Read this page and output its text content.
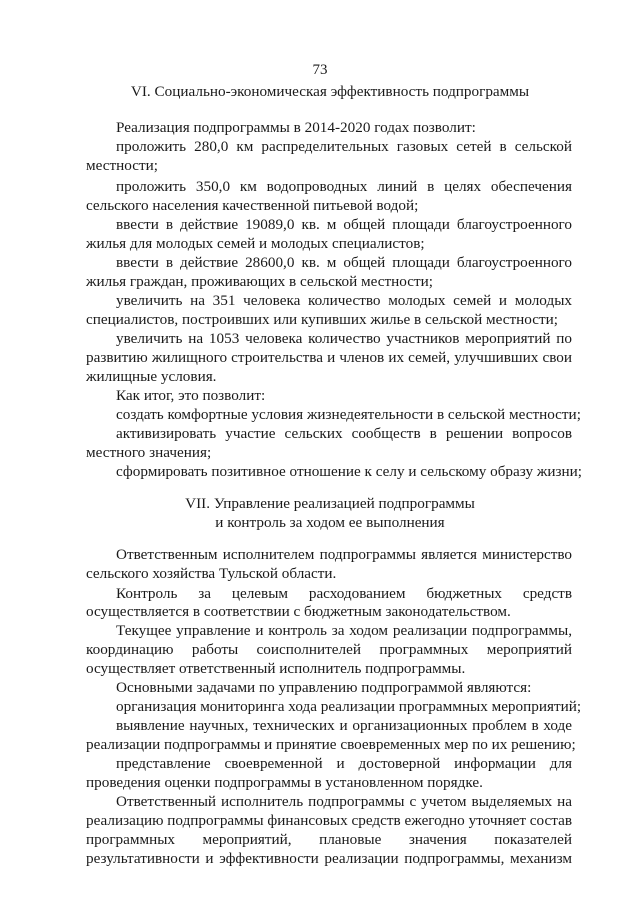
73
VI. Социально-экономическая эффективность подпрограммы
Реализация подпрограммы в 2014-2020 годах позволит:
проложить 280,0 км распределительных газовых сетей в сельской
местности;
проложить 350,0 км водопроводных линий в целях обеспечения
сельского населения качественной питьевой водой;
ввести в действие 19089,0 кв. м общей площади благоустроенного
жилья для молодых семей и молодых специалистов;
ввести в действие 28600,0 кв. м общей площади благоустроенного
жилья граждан, проживающих в сельской местности;
увеличить на 351 человека количество молодых семей и молодых
специалистов, построивших или купивших жилье в сельской местности;
увеличить на 1053 человека количество участников мероприятий по
развитию жилищного строительства и членов их семей, улучшивших свои
жилищные условия.
Как итог, это позволит:
создать комфортные условия жизнедеятельности в сельской местности;
активизировать участие сельских сообществ в решении вопросов
местного значения;
сформировать позитивное отношение к селу и сельскому образу жизни;
VII. Управление реализацией подпрограммы
и контроль за ходом ее выполнения
Ответственным исполнителем подпрограммы является министерство
сельского хозяйства Тульской области.
Контроль за целевым расходованием бюджетных средств
осуществляется в соответствии с бюджетным законодательством.
Текущее управление и контроль за ходом реализации подпрограммы,
координацию работы соисполнителей программных мероприятий
осуществляет ответственный исполнитель подпрограммы.
Основными задачами по управлению подпрограммой являются:
организация мониторинга хода реализации программных мероприятий;
выявление научных, технических и организационных проблем в ходе
реализации подпрограммы и принятие своевременных мер по их решению;
представление своевременной и достоверной информации для
проведения оценки подпрограммы в установленном порядке.
Ответственный исполнитель подпрограммы с учетом выделяемых на
реализацию подпрограммы финансовых средств ежегодно уточняет состав
программных мероприятий, плановые значения показателей
результативности и эффективности реализации подпрограммы, механизм
